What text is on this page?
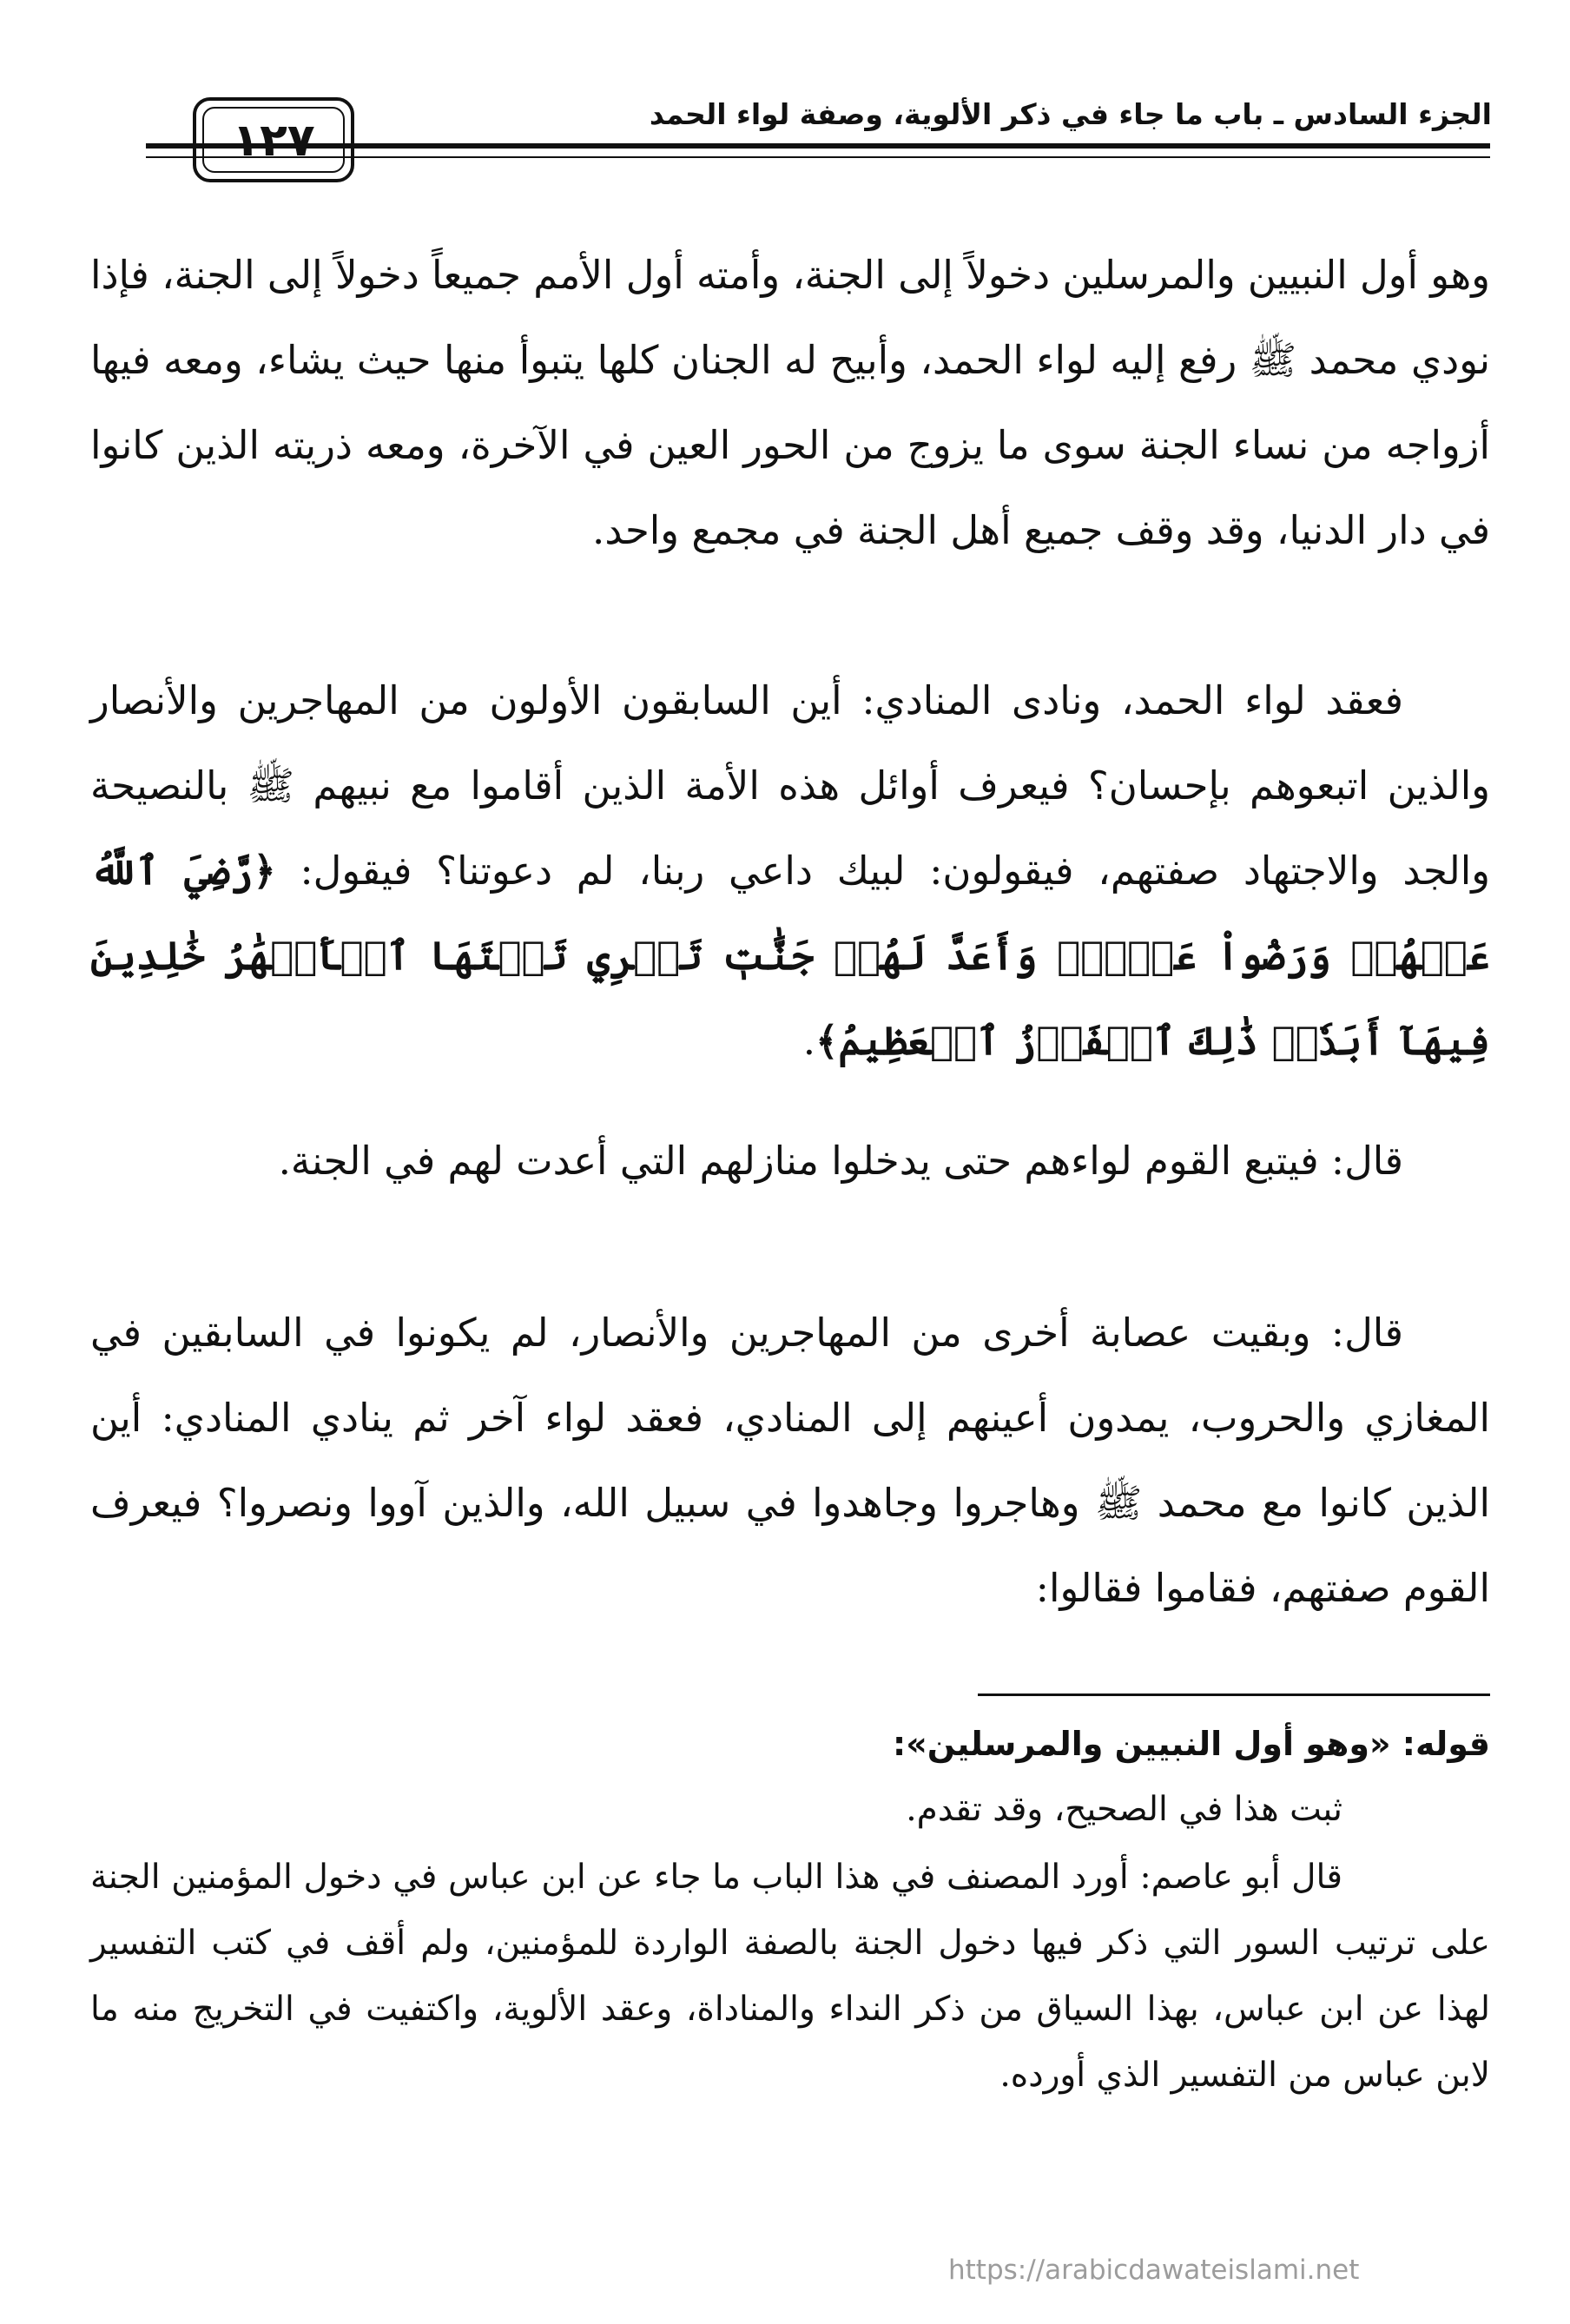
الجزء السادس ـ باب ما جاء في ذكر الألوية، وصفة لواء الحمد
١٢٧

وهو أول النبيين والمرسلين دخولاً إلى الجنة، وأمته أول الأمم جميعاً دخولاً إلى الجنة، فإذا نودي محمد ﷺ رفع إليه لواء الحمد، وأبيح له الجنان كلها يتبوأ منها حيث يشاء، ومعه فيها أزواجه من نساء الجنة سوى ما يزوج من الحور العين في الآخرة، ومعه ذريته الذين كانوا في دار الدنيا، وقد وقف جميع أهل الجنة في مجمع واحد.

فعقد لواء الحمد، ونادى المنادي: أين السابقون الأولون من المهاجرين والأنصار والذين اتبعوهم بإحسان؟ فيعرف أوائل هذه الأمة الذين أقاموا مع نبيهم ﷺ بالنصيحة والجد والاجتهاد صفتهم، فيقولون: لبيك داعي ربنا، لم دعوتنا؟ فيقول: ﴿رَّضِيَ ٱللَّهُ عَنۡهُمۡ وَرَضُواْ عَنۡهُۚ وَأَعَدَّ لَهُمۡ جَنَّٰتٖ تَجۡرِي تَحۡتَهَا ٱلۡأَنۡهَٰرُ خَٰلِدِينَ فِيهَآ أَبَدٗاۚ ذَٰلِكَ ٱلۡفَوۡزُ ٱلۡعَظِيمُ﴾.

قال: فيتبع القوم لواءهم حتى يدخلوا منازلهم التي أعدت لهم في الجنة.

قال: وبقيت عصابة أخرى من المهاجرين والأنصار، لم يكونوا في السابقين في المغازي والحروب، يمدون أعينهم إلى المنادي، فعقد لواء آخر ثم ينادي المنادي: أين الذين كانوا مع محمد ﷺ وهاجروا وجاهدوا في سبيل الله، والذين آووا ونصروا؟ فيعرف القوم صفتهم، فقاموا فقالوا:

قوله: «وهو أول النبيين والمرسلين»:

ثبت هذا في الصحيح، وقد تقدم.

قال أبو عاصم: أورد المصنف في هذا الباب ما جاء عن ابن عباس في دخول المؤمنين الجنة على ترتيب السور التي ذكر فيها دخول الجنة بالصفة الواردة للمؤمنين، ولم أقف في كتب التفسير لهذا عن ابن عباس، بهذا السياق من ذكر النداء والمناداة، وعقد الألوية، واكتفيت في التخريج منه ما لابن عباس من التفسير الذي أورده.

https://arabicdawateislami.net
